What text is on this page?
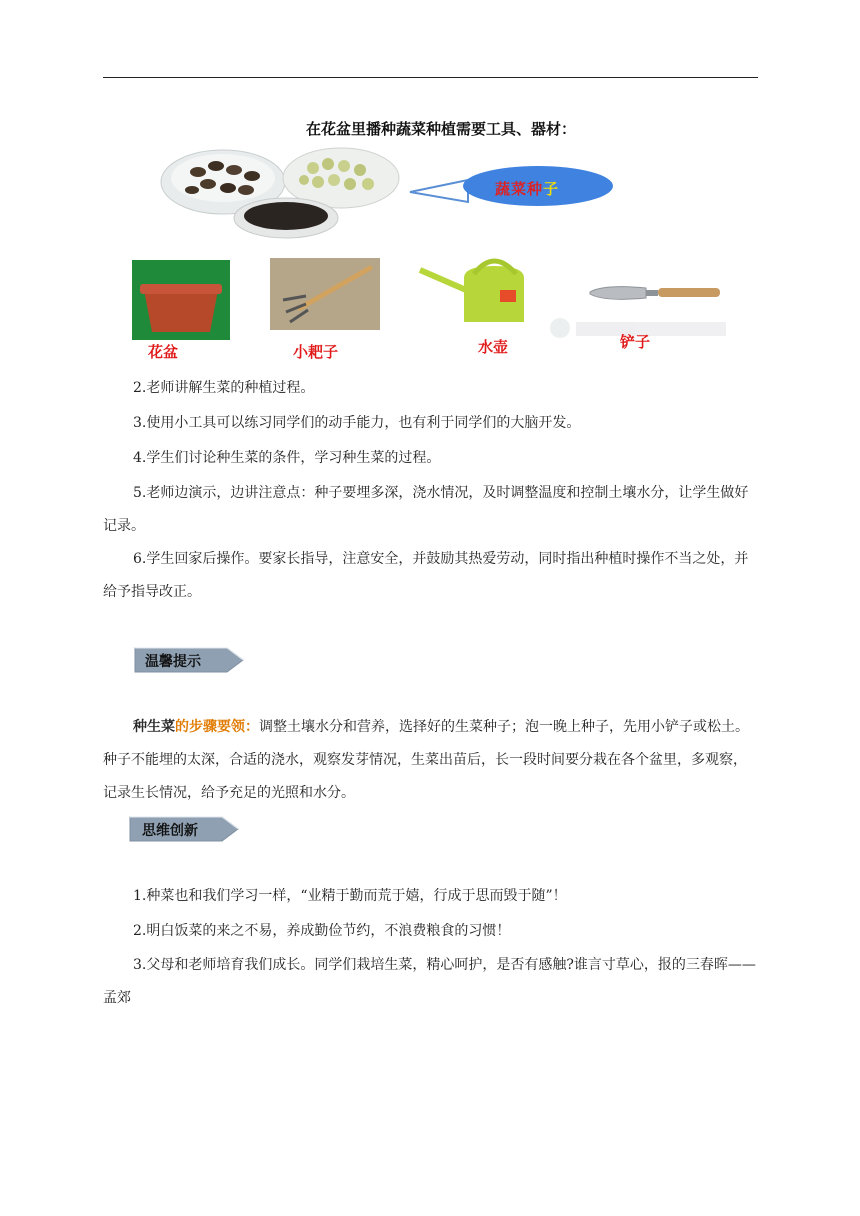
在花盆里播种蔬菜种植需要工具、器材：
蔬菜种子
花盆	小耙子	水壶	铲子
2.老师讲解生菜的种植过程。
3.使用小工具可以练习同学们的动手能力，也有利于同学们的大脑开发。
4.学生们讨论种生菜的条件，学习种生菜的过程。
5.老师边演示，边讲注意点：种子要埋多深，浇水情况，及时调整温度和控制土壤水分，让学生做好记录。
6.学生回家后操作。要家长指导，注意安全，并鼓励其热爱劳动，同时指出种植时操作不当之处，并给予指导改正。
温馨提示
种生菜的步骤要领：调整土壤水分和营养，选择好的生菜种子；泡一晚上种子，先用小铲子或松土。种子不能埋的太深，合适的浇水，观察发芽情况，生菜出苗后，长一段时间要分栽在各个盆里，多观察，记录生长情况，给予充足的光照和水分。
思维创新
1.种菜也和我们学习一样，“业精于勤而荒于嬉，行成于思而毁于随”！
2.明白饭菜的来之不易，养成勤俭节约，不浪费粮食的习惯！
3.父母和老师培育我们成长。同学们栽培生菜，精心呵护，是否有感触?谁言寸草心，报的三春晖——孟郊
